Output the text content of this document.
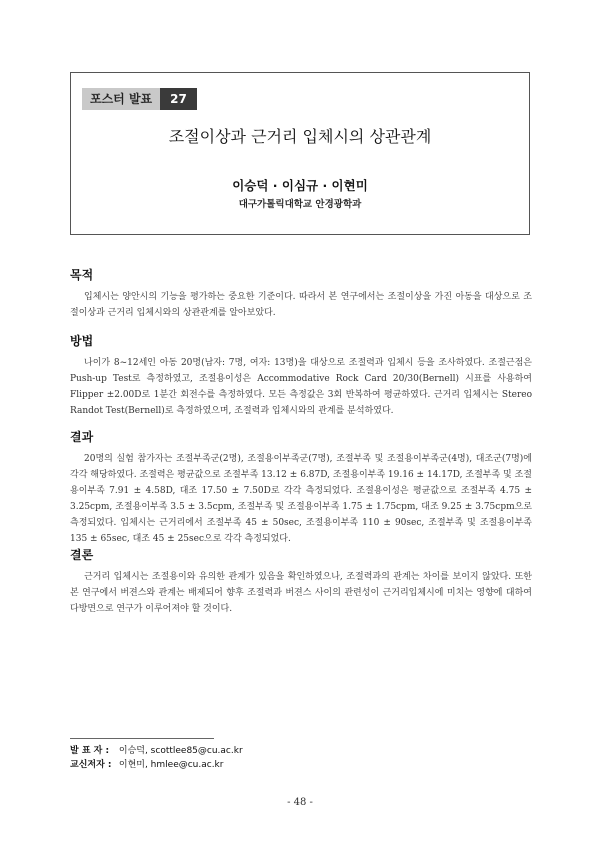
포스터 발표	27
조절이상과 근거리 입체시의 상관관계
이승덕 · 이심규 · 이현미
대구가톨릭대학교 안경광학과
목적

입체시는 양안시의 기능을 평가하는 중요한 기준이다. 따라서 본 연구에서는 조절이상을 가진 아동을 대상으로 조절이상과 근거리 입체시와의 상관관계를 알아보았다.

방법

나이가 8~12세인 아동 20명(남자: 7명, 여자: 13명)을 대상으로 조절력과 입체시 등을 조사하였다. 조절근점은 Push-up Test로 측정하였고, 조절용이성은 Accommodative Rock Card 20/30(Bernell) 시표를 사용하여 Flipper ±2.00D로 1분간 회전수를 측정하였다. 모든 측정값은 3회 반복하여 평균하였다. 근거리 입체시는 Stereo Randot Test(Bernell)로 측정하였으며, 조절력과 입체시와의 관계를 분석하였다.

결과

20명의 실험 참가자는 조절부족군(2명), 조절용이부족군(7명), 조절부족 및 조절용이부족군(4명), 대조군(7명)에 각각 해당하였다. 조절력은 평균값으로 조절부족 13.12 ± 6.87D, 조절용이부족 19.16 ± 14.17D, 조절부족 및 조절용이부족 7.91 ± 4.58D, 대조 17.50 ± 7.50D로 각각 측정되었다. 조절용이성은 평균값으로 조절부족 4.75 ± 3.25cpm, 조절용이부족 3.5 ± 3.5cpm, 조절부족 및 조절용이부족 1.75 ± 1.75cpm, 대조 9.25 ± 3.75cpm으로 측정되었다. 입체시는 근거리에서 조절부족 45 ± 50sec, 조절용이부족 110 ± 90sec, 조절부족 및 조절용이부족 135 ± 65sec, 대조 45 ± 25sec으로 각각 측정되었다.

결론

근거리 입체시는 조절용이와 유의한 관계가 있음을 확인하였으나, 조절력과의 관계는 차이를 보이지 않았다. 또한 본 연구에서 버젼스와 관계는 배제되어 향후 조절력과 버젼스 사이의 관련성이 근거리입체시에 미치는 영향에 대하여 다방면으로 연구가 이루어져야 할 것이다.

발 표 자 : 이승덕, scottlee85@cu.ac.kr
교신저자 : 이현미, hmlee@cu.ac.kr
- 48 -
